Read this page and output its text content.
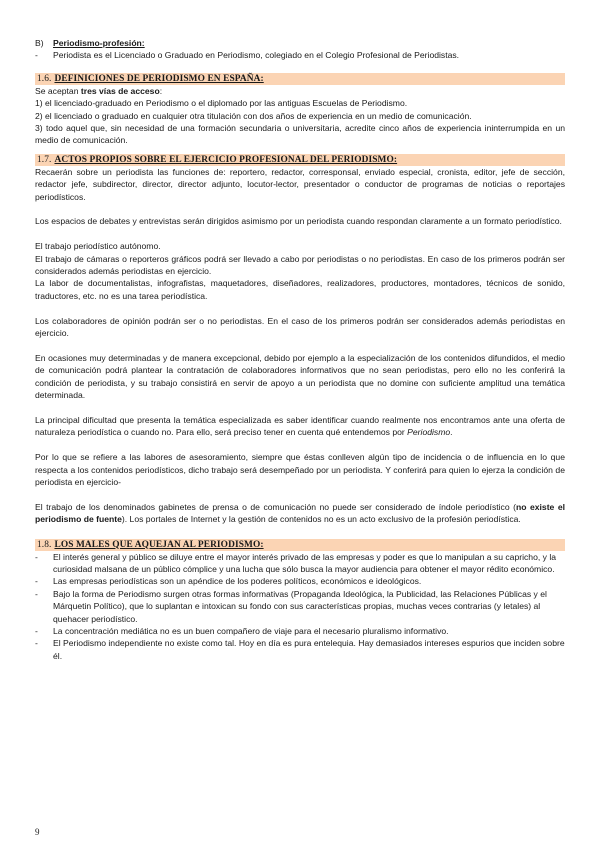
B)	Periodismo-profesión:
-	Periodista es el Licenciado o Graduado en Periodismo, colegiado en el Colegio Profesional de Periodistas.
1.6. DEFINICIONES DE PERIODISMO EN ESPAÑA:

Se aceptan tres vías de acceso:

1) el licenciado-graduado en Periodismo o el diplomado por las antiguas Escuelas de Periodismo.

2) el licenciado o graduado en cualquier otra titulación con dos años de experiencia en un medio de comunicación.

3) todo aquel que, sin necesidad de una formación secundaria o universitaria, acredite cinco años de experiencia ininterrumpida en un medio de comunicación.

1.7. ACTOS PROPIOS SOBRE EL EJERCICIO PROFESIONAL DEL PERIODISMO:

Recaerán sobre un periodista las funciones de: reportero, redactor, corresponsal, enviado especial, cronista, editor, jefe de sección, redactor jefe, subdirector, director, director adjunto, locutor-lector, presentador o conductor de programas de noticias o reportajes periodísticos.

Los espacios de debates y entrevistas serán dirigidos asimismo por un periodista cuando respondan claramente a un formato periodístico.

El trabajo periodístico autónomo.

El trabajo de cámaras o reporteros gráficos podrá ser llevado a cabo por periodistas o no periodistas. En caso de los primeros podrán ser considerados además periodistas en ejercicio.

La labor de documentalistas, infografistas, maquetadores, diseñadores, realizadores, productores, montadores, técnicos de sonido, traductores, etc. no es una tarea periodística.

Los colaboradores de opinión podrán ser o no periodistas. En el caso de los primeros podrán ser considerados además periodistas en ejercicio.

En ocasiones muy determinadas y de manera excepcional, debido por ejemplo a la especialización de los contenidos difundidos, el medio de comunicación podrá plantear la contratación de colaboradores informativos que no sean periodistas, pero ello no les conferirá la condición de periodista, y su trabajo consistirá en servir de apoyo a un periodista que no domine con suficiente amplitud una temática determinada.

La principal dificultad que presenta la temática especializada es saber identificar cuando realmente nos encontramos ante una oferta de naturaleza periodística o cuando no. Para ello, será preciso tener en cuenta qué entendemos por Periodismo.

Por lo que se refiere a las labores de asesoramiento, siempre que éstas conlleven algún tipo de incidencia o de influencia en lo que respecta a los contenidos periodísticos, dicho trabajo será desempeñado por un periodista. Y conferirá para quien lo ejerza la condición de periodista en ejercicio-

El trabajo de los denominados gabinetes de prensa o de comunicación no puede ser considerado de índole periodístico (no existe el periodismo de fuente). Los portales de Internet y la gestión de contenidos no es un acto exclusivo de la profesión periodística.

1.8. LOS MALES QUE AQUEJAN AL PERIODISMO:
-	El interés general y público se diluye entre el mayor interés privado de las empresas y poder es que lo manipulan a su capricho, y la curiosidad malsana de un público cómplice y una lucha que sólo busca la mayor audiencia para obtener el mayor rédito económico.
-	Las empresas periodísticas son un apéndice de los poderes políticos, económicos e ideológicos.
-	Bajo la forma de Periodismo surgen otras formas informativas (Propaganda Ideológica, la Publicidad, las Relaciones Públicas y el Márquetin Político), que lo suplantan e intoxican su fondo con sus características propias, muchas veces contrarias (y letales) al quehacer periodístico.
-	La concentración mediática no es un buen compañero de viaje para el necesario pluralismo informativo.
-	El Periodismo independiente no existe como tal. Hoy en día es pura entelequia. Hay demasiados intereses espurios que inciden sobre él.
9
